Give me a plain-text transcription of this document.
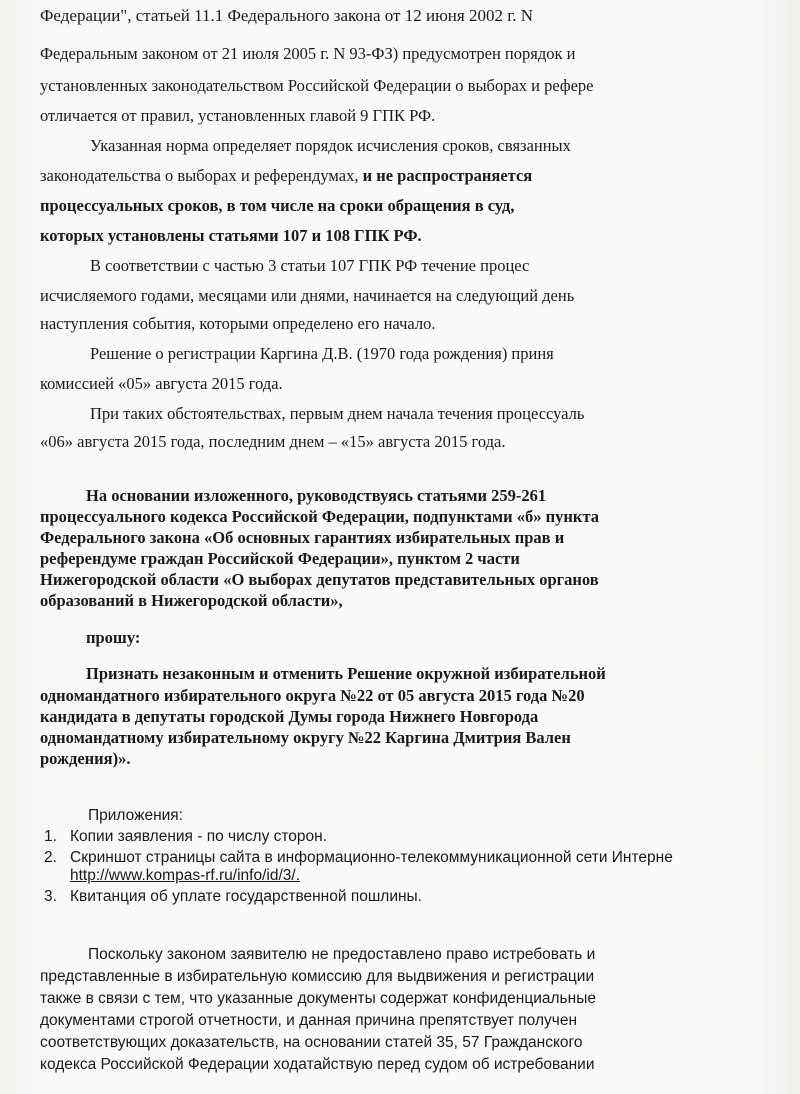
Федерации", статьей 11.1 Федерального закона от 12 июня 2002 г. N
Федеральным законом от 21 июля 2005 г. N 93-ФЗ) предусмотрен порядок и
установленных законодательством Российской Федерации о выборах и рефере
отличается от правил, установленных главой 9 ГПК РФ.
Указанная норма определяет порядок исчисления сроков, связанных
законодательства о выборах и референдумах, и не распространяется
процессуальных сроков, в том числе на сроки обращения в суд,
которых установлены статьями 107 и 108 ГПК РФ.
В соответствии с частью 3 статьи 107 ГПК РФ течение процес
исчисляемого годами, месяцами или днями, начинается на следующий день
наступления события, которыми определено его начало.
Решение о регистрации Каргина Д.В. (1970 года рождения) приня
комиссией «05» августа 2015 года.
При таких обстоятельствах, первым днем начала течения процессуаль
«06» августа 2015 года, последним днем – «15» августа 2015 года.
На основании изложенного, руководствуясь статьями 259-261
процессуального кодекса Российской Федерации, подпунктами «б» пункта
Федерального закона «Об основных гарантиях избирательных прав и
референдуме граждан Российской Федерации», пунктом 2 части
Нижегородской области «О выборах депутатов представительных органов
образований в Нижегородской области»,
прошу:
Признать незаконным и отменить Решение окружной избирательной
одномандатного избирательного округа №22 от 05 августа 2015 года №20
кандидата в депутаты городской Думы города Нижнего Новгорода
одномандатному избирательному округу №22 Каргина Дмитрия Вален
рождения)».
Приложения:
1. Копии заявления - по числу сторон.
2. Скриншот страницы сайта в информационно-телекоммуникационной сети Интерне
http://www.kompas-rf.ru/info/id/3/.
3. Квитанция об уплате государственной пошлины.
Поскольку законом заявителю не предоставлено право истребовать и
представленные в избирательную комиссию для выдвижения и регистрации
также в связи с тем, что указанные документы содержат конфиденциальные
документами строгой отчетности, и данная причина препятствует получен
соответствующих доказательств, на основании статей 35, 57 Гражданского
кодекса Российской Федерации ходатайствую перед судом об истребовании
